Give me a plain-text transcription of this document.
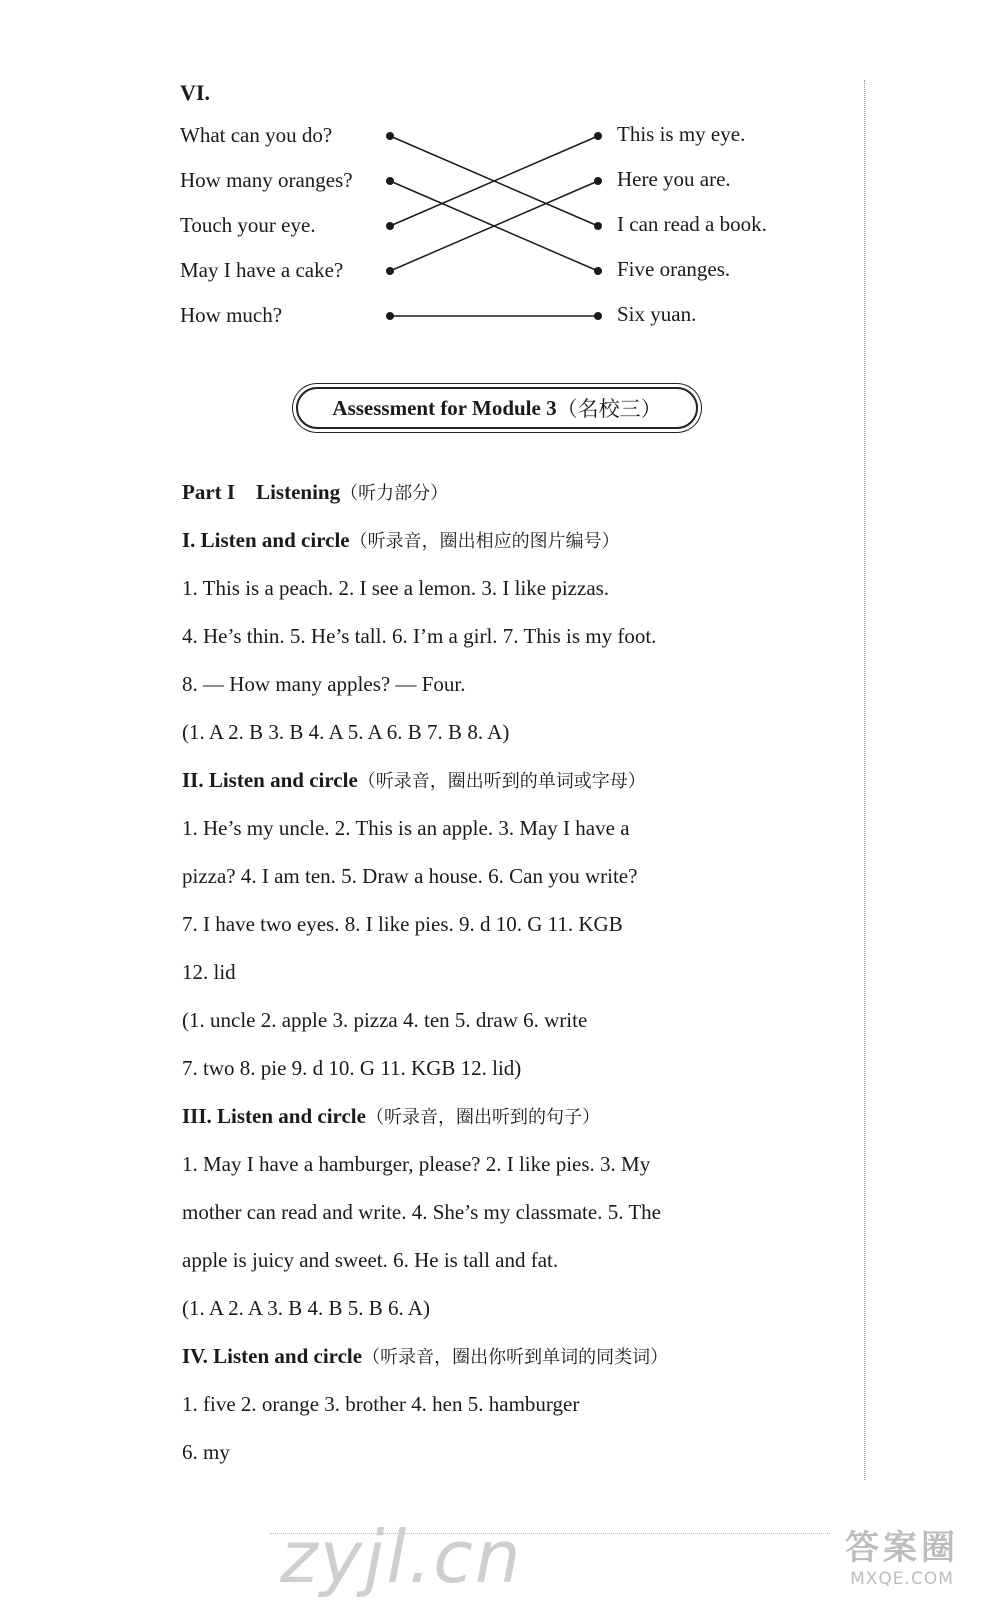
VI.
What can you do?
How many oranges?
Touch your eye.
May I have a cake?
How much?
This is my eye.
Here you are.
I can read a book.
Five oranges.
Six yuan.
Assessment for Module 3 （名校三）
Part I Listening（听力部分）
I. Listen and circle（听录音，圈出相应的图片编号）
1. This is a peach. 2. I see a lemon. 3. I like pizzas.
4. He’s thin. 5. He’s tall. 6. I’m a girl. 7. This is my foot.
8. — How many apples? — Four.
(1. A 2. B 3. B 4. A 5. A 6. B 7. B 8. A)
II. Listen and circle（听录音，圈出听到的单词或字母）
1. He’s my uncle. 2. This is an apple. 3. May I have a
pizza? 4. I am ten. 5. Draw a house. 6. Can you write?
7. I have two eyes. 8. I like pies. 9. d 10. G 11. KGB
12. lid
(1. uncle 2. apple 3. pizza 4. ten 5. draw 6. write
7. two 8. pie 9. d 10. G 11. KGB 12. lid)
III. Listen and circle（听录音，圈出听到的句子）
1. May I have a hamburger, please? 2. I like pies. 3. My
mother can read and write. 4. She’s my classmate. 5. The
apple is juicy and sweet. 6. He is tall and fat.
(1. A 2. A 3. B 4. B 5. B 6. A)
IV. Listen and circle（听录音，圈出你听到单词的同类词）
1. five 2. orange 3. brother 4. hen 5. hamburger
6. my
zyjl.cn	答案圈
MXQE.COM
